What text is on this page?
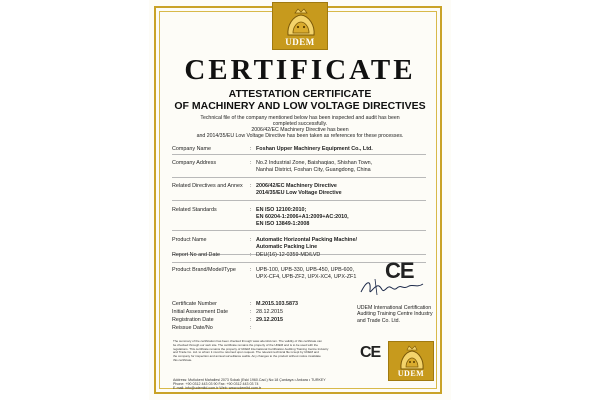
UDEM
CERTIFICATE
ATTESTATION CERTIFICATE
OF MACHINERY AND LOW VOLTAGE DIRECTIVES
Technical file of the company mentioned below has been inspected and audit has been
completed successfully.
2006/42/EC Machinery Directive has been
and 2014/35/EU Low Voltage Directive has been taken as references for these processes.
Company Name	: Foshan Upper Machinery Equipment Co., Ltd.
Company Address	: No.2 Industrial Zone, Baishaqiao, Shishan Town,
Nanhai District, Foshan City, Guangdong, China
Related Directives and Annex : 2006/42/EC Machinery Directive
2014/35/EU Low Voltage Directive
Related Standards	: EN ISO 12100:2010;
EN 60204-1:2006+A1:2009+AC:2010,
EN ISO 13849-1:2008
Product Name	: Automatic Horizontal Packing Machine/
Automatic Packing Line
Report No and Date	: DEU(16)-12-0359-MD/LVD
Product Brand/Model/Type	: UPB-100, UPB-330, UPB-450, UPB-600,
UPX-CF4, UPB-ZF2, UPX-XC4, UPX-ZF1 CE
Certificate Number	: M.2015.103.5873
Initial Assessment Date	: 28.12.2015
Registration Date	: 29.12.2015
Reissue Date/No	:
UDEM International Certification
Auditing Training Centre Industry
and Trade Co. Ltd.
The summary of the certification has been checked through www.udemltd.com. The validity of this certificate can
be checked through our web site. The certificate remains the property of the UDEM and is to be used with the
regulations. This certificate remains the property of UDEM International Certification Auditing Training Centre Industry
and Trade Co. Ltd. to whom it must be returned upon request. The relevant technical file is kept by UDEM and
the company for inspection and annual surveillance audits. Any changes to the product without notice invalidate
this certificate.	CE
UDEM
Address: Mutlukent Mahallesi 2073 Sokak (Eski 1960.Cad.) No:18 Çankaya • Ankara • TURKEY
Phone: +90 0312 443 03 90 Fax: +90 0312 443 03 74
E-mail: info@udemltd.com.tr Web: www.udemltd.com.tr
